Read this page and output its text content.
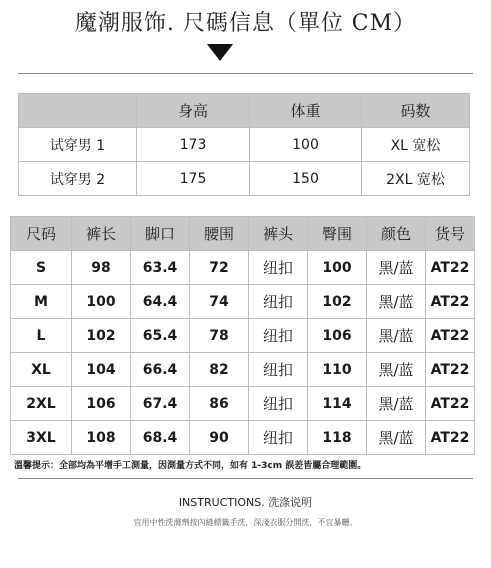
魔潮服饰. 尺碼信息（單位 CM）
	身高	体重	码数
试穿男 1	173	100	XL 宽松
试穿男 2	175	150	2XL 宽松
尺码	裤长	脚口	腰围	裤头	臀围	颜色	货号
S	98	63.4	72	纽扣	100	黑/蓝	AT22
M	100	64.4	74	纽扣	102	黑/蓝	AT22
L	102	65.4	78	纽扣	106	黑/蓝	AT22
XL	104	66.4	82	纽扣	110	黑/蓝	AT22
2XL	106	67.4	86	纽扣	114	黑/蓝	AT22
3XL	108	68.4	90	纽扣	118	黑/蓝	AT22
溫馨提示：全部均為平增手工測量，因測量方式不同，如有 1-3cm 誤差皆屬合理範圍。
INSTRUCTIONS. 洗涤说明
宜用中性洗滌劑按內縫標籤手洗，深淺衣服分開洗，不宜暴曬。
